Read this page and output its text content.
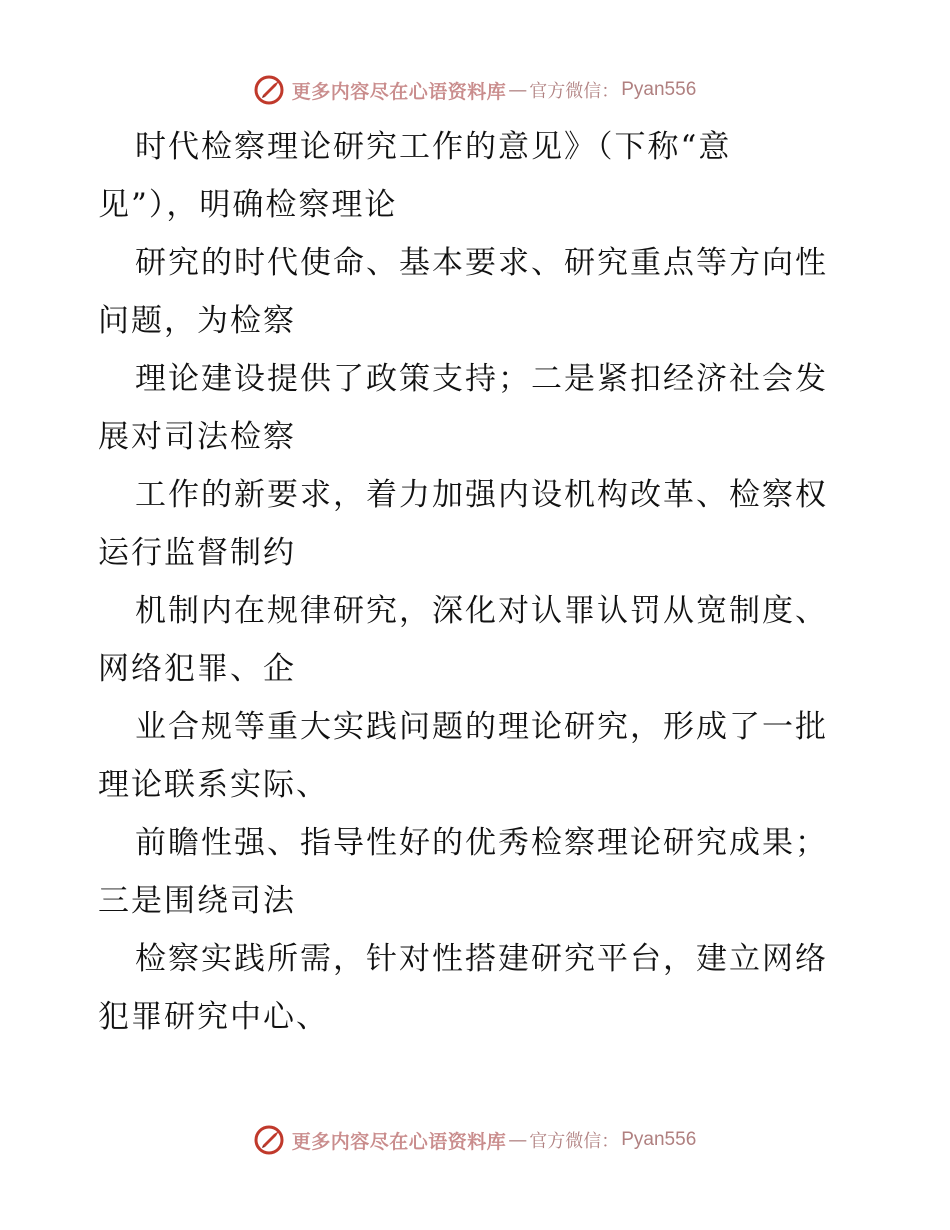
更多内容尽在心语资料库 — 官方微信： Pyan556
时代检察理论研究工作的意见》（下称“意
见”），明确检察理论
研究的时代使命、基本要求、研究重点等方向性
问题，为检察
理论建设提供了政策支持；二是紧扣经济社会发
展对司法检察
工作的新要求，着力加强内设机构改革、检察权
运行监督制约
机制内在规律研究，深化对认罪认罚从宽制度、
网络犯罪、企
业合规等重大实践问题的理论研究，形成了一批
理论联系实际、
前瞻性强、指导性好的优秀检察理论研究成果；
三是围绕司法
检察实践所需，针对性搭建研究平台，建立网络
犯罪研究中心、
更多内容尽在心语资料库 — 官方微信： Pyan556
